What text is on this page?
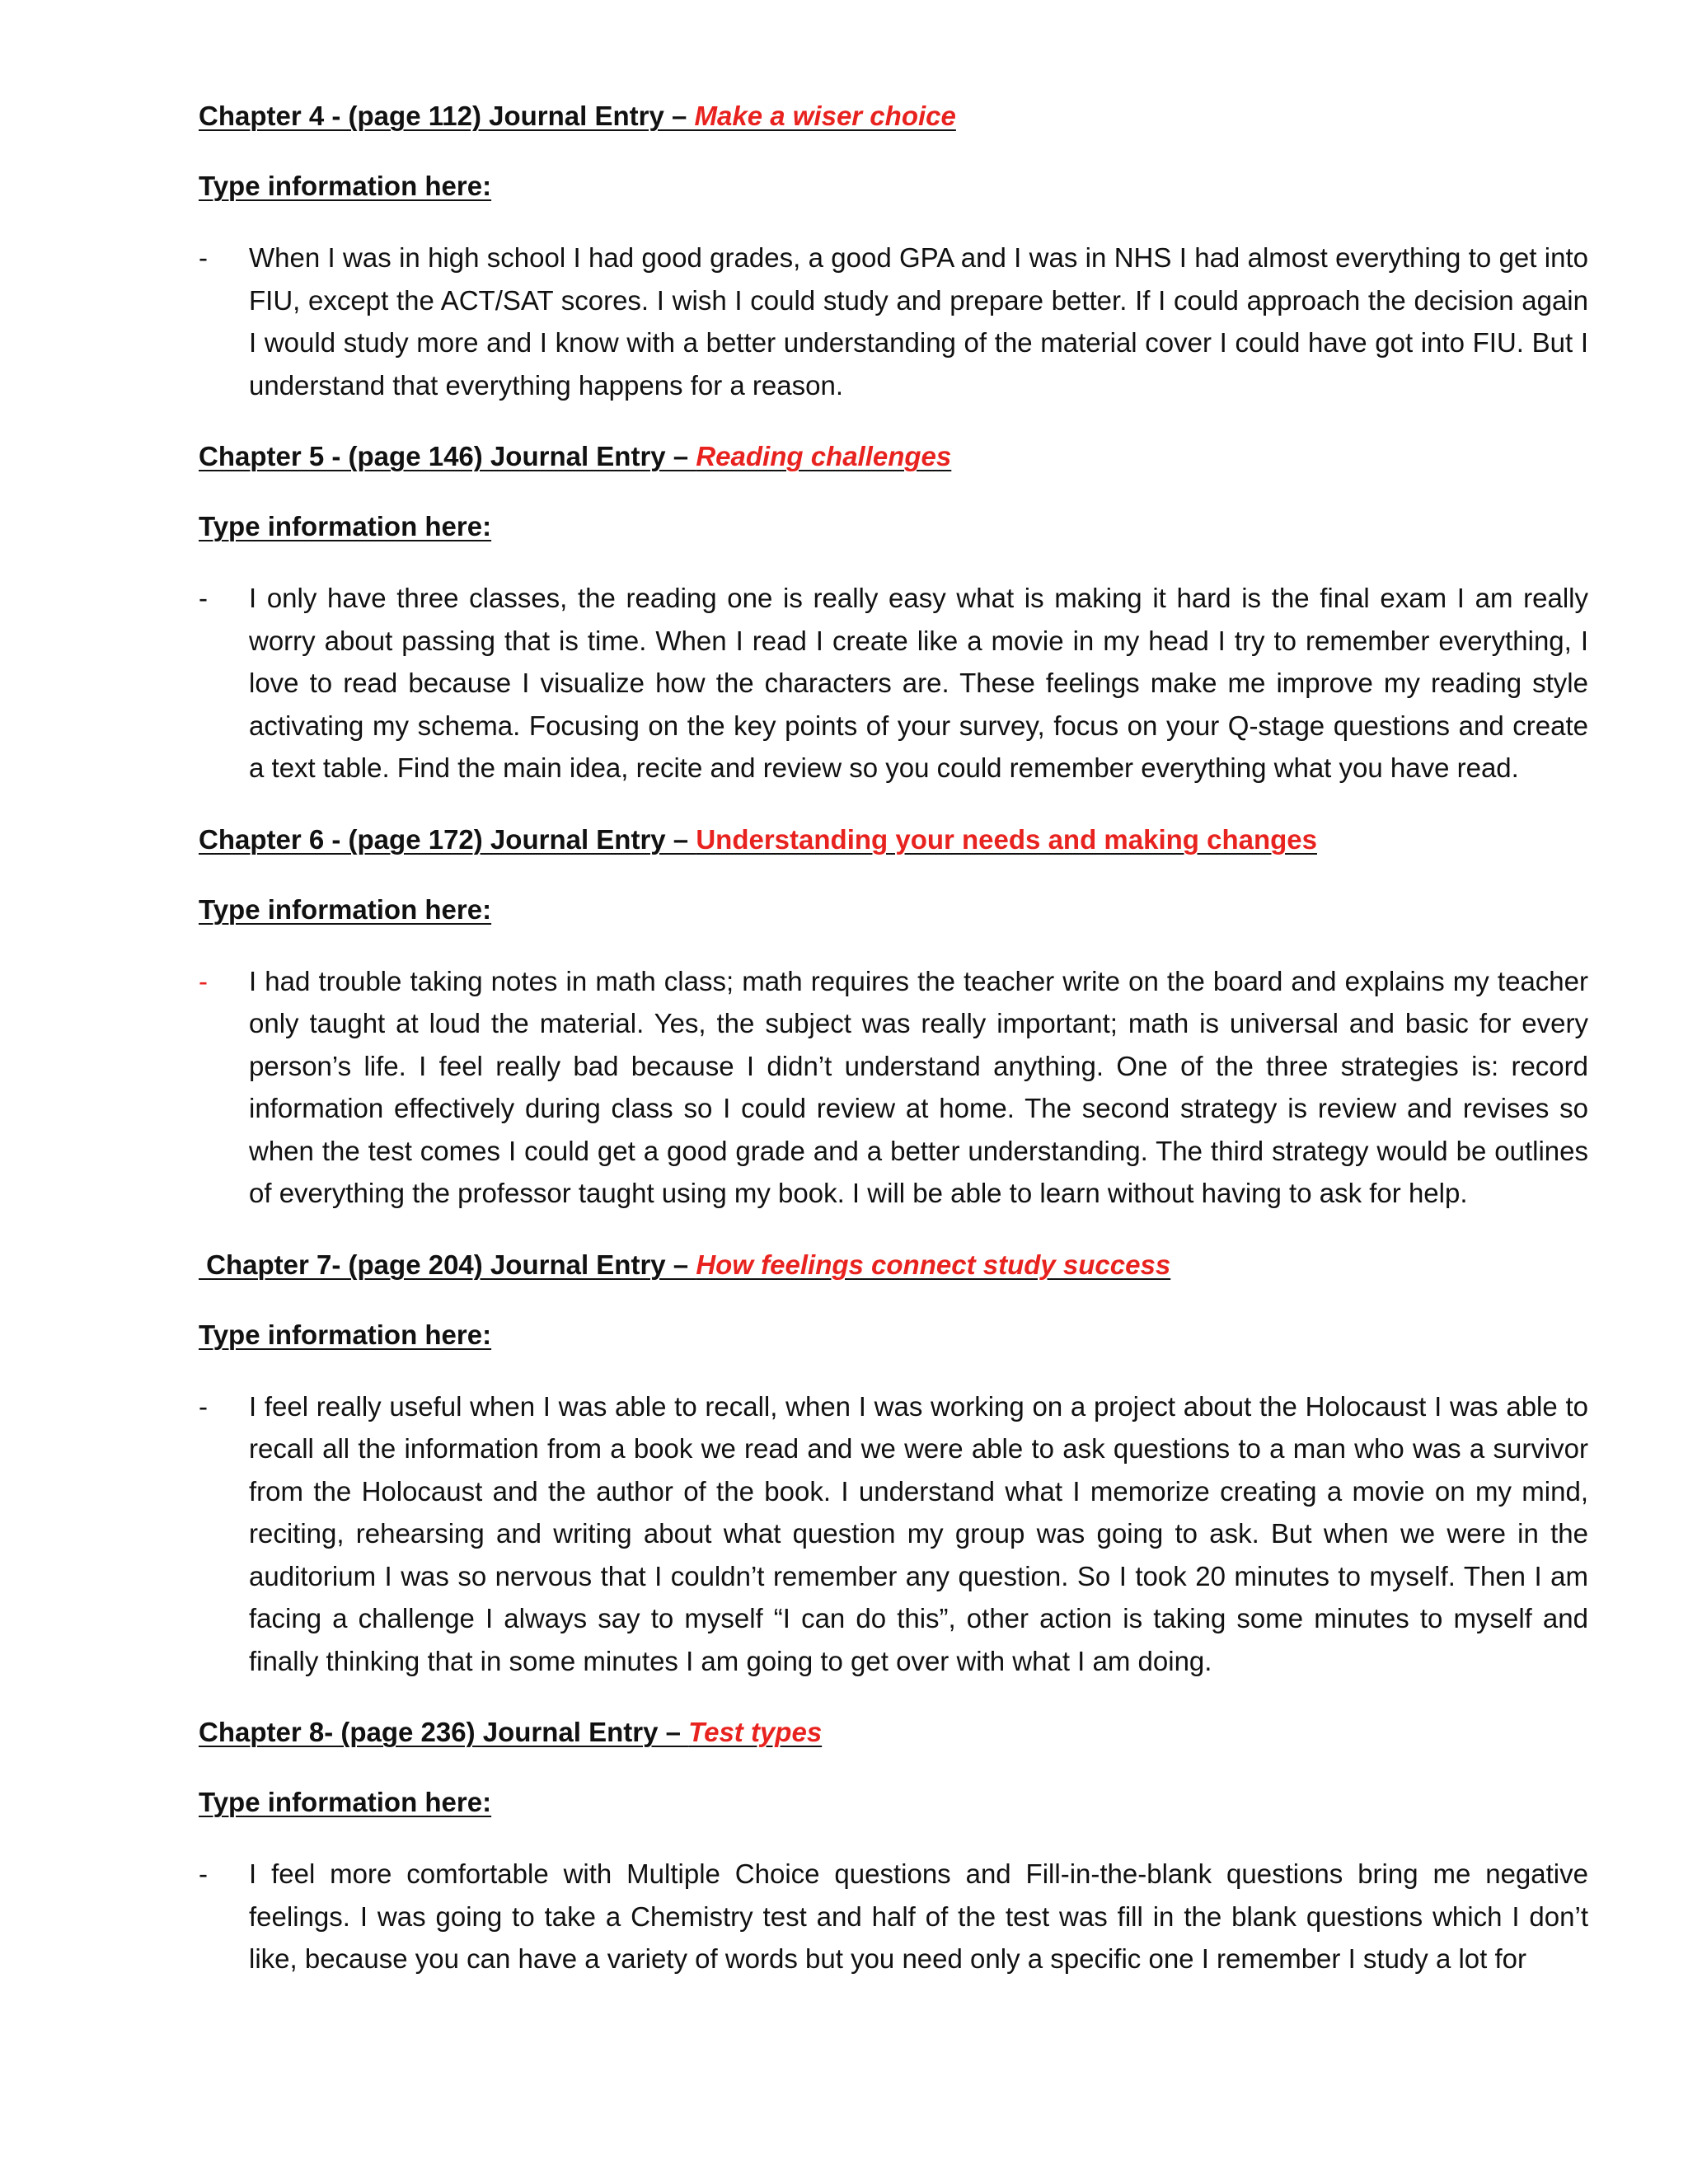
Chapter 4 - (page 112) Journal Entry – Make a wiser choice
Type information here:
- When I was in high school I had good grades, a good GPA and I was in NHS I had almost everything to get into FIU, except the ACT/SAT scores. I wish I could study and prepare better. If I could approach the decision again I would study more and I know with a better understanding of the material cover I could have got into FIU. But I understand that everything happens for a reason.

Chapter 5 - (page 146) Journal Entry – Reading challenges
Type information here:
- I only have three classes, the reading one is really easy what is making it hard is the final exam I am really worry about passing that is time. When I read I create like a movie in my head I try to remember everything, I love to read because I visualize how the characters are. These feelings make me improve my reading style activating my schema. Focusing on the key points of your survey, focus on your Q-stage questions and create a text table. Find the main idea, recite and review so you could remember everything what you have read.

Chapter 6 - (page 172) Journal Entry – Understanding your needs and making changes
Type information here:
- I had trouble taking notes in math class; math requires the teacher write on the board and explains my teacher only taught at loud the material. Yes, the subject was really important; math is universal and basic for every person’s life. I feel really bad because I didn’t understand anything. One of the three strategies is: record information effectively during class so I could review at home. The second strategy is review and revises so when the test comes I could get a good grade and a better understanding. The third strategy would be outlines of everything the professor taught using my book. I will be able to learn without having to ask for help.

Chapter 7- (page 204) Journal Entry – How feelings connect study success
Type information here:
- I feel really useful when I was able to recall, when I was working on a project about the Holocaust I was able to recall all the information from a book we read and we were able to ask questions to a man who was a survivor from the Holocaust and the author of the book. I understand what I memorize creating a movie on my mind, reciting, rehearsing and writing about what question my group was going to ask. But when we were in the auditorium I was so nervous that I couldn’t remember any question. So I took 20 minutes to myself. Then I am facing a challenge I always say to myself “I can do this”, other action is taking some minutes to myself and finally thinking that in some minutes I am going to get over with what I am doing.

Chapter 8- (page 236) Journal Entry – Test types
Type information here:
- I feel more comfortable with Multiple Choice questions and Fill-in-the-blank questions bring me negative feelings. I was going to take a Chemistry test and half of the test was fill in the blank questions which I don’t like, because you can have a variety of words but you need only a specific one I remember I study a lot for
